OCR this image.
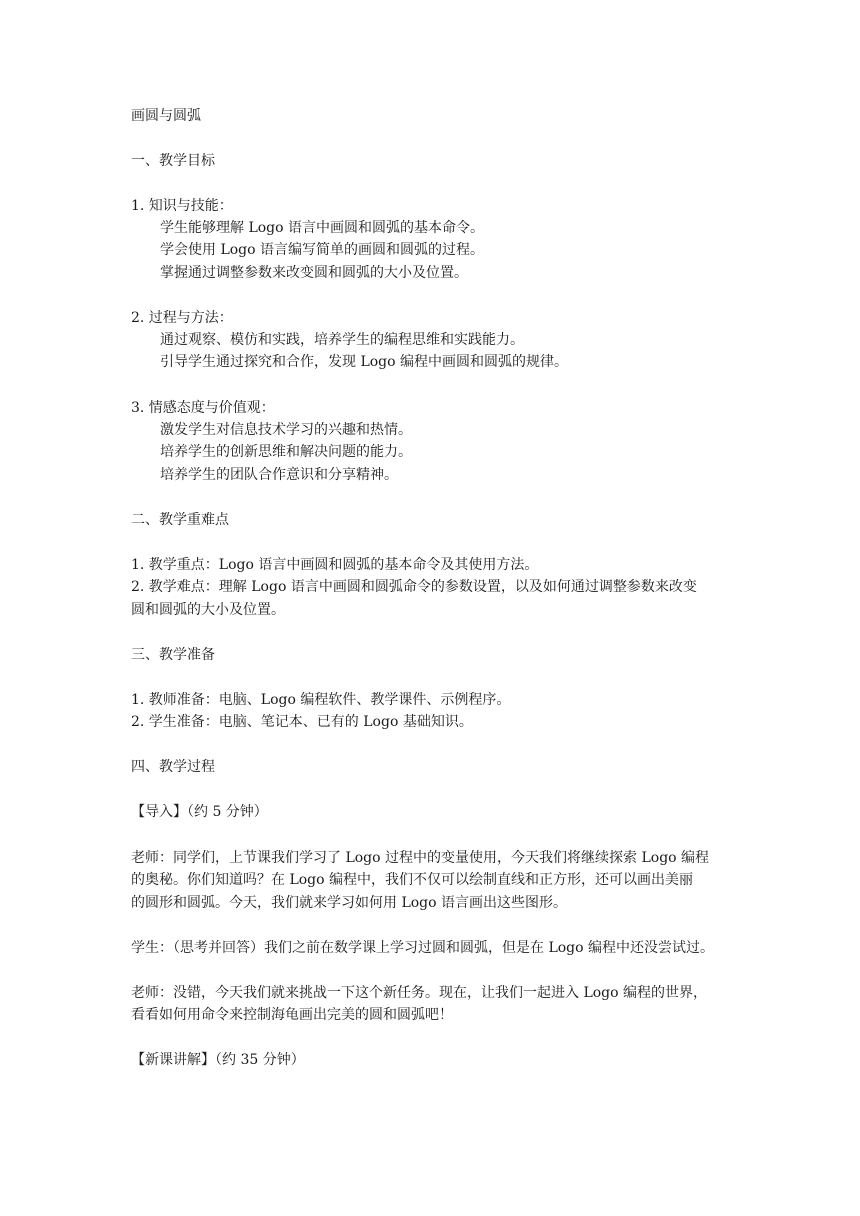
画圆与圆弧
一、教学目标
1. 知识与技能：
学生能够理解 Logo 语言中画圆和圆弧的基本命令。
学会使用 Logo 语言编写简单的画圆和圆弧的过程。
掌握通过调整参数来改变圆和圆弧的大小及位置。
2. 过程与方法：
通过观察、模仿和实践，培养学生的编程思维和实践能力。
引导学生通过探究和合作，发现 Logo 编程中画圆和圆弧的规律。
3. 情感态度与价值观：
激发学生对信息技术学习的兴趣和热情。
培养学生的创新思维和解决问题的能力。
培养学生的团队合作意识和分享精神。
二、教学重难点
1. 教学重点：Logo 语言中画圆和圆弧的基本命令及其使用方法。
2. 教学难点：理解 Logo 语言中画圆和圆弧命令的参数设置，以及如何通过调整参数来改变
圆和圆弧的大小及位置。
三、教学准备
1. 教师准备：电脑、Logo 编程软件、教学课件、示例程序。
2. 学生准备：电脑、笔记本、已有的 Logo 基础知识。
四、教学过程
【导入】（约 5 分钟）
老师：同学们，上节课我们学习了 Logo 过程中的变量使用，今天我们将继续探索 Logo 编程
的奥秘。你们知道吗？在 Logo 编程中，我们不仅可以绘制直线和正方形，还可以画出美丽
的圆形和圆弧。今天，我们就来学习如何用 Logo 语言画出这些图形。
学生：（思考并回答）我们之前在数学课上学习过圆和圆弧，但是在 Logo 编程中还没尝试过。
老师：没错，今天我们就来挑战一下这个新任务。现在，让我们一起进入 Logo 编程的世界，
看看如何用命令来控制海龟画出完美的圆和圆弧吧！
【新课讲解】（约 35 分钟）
